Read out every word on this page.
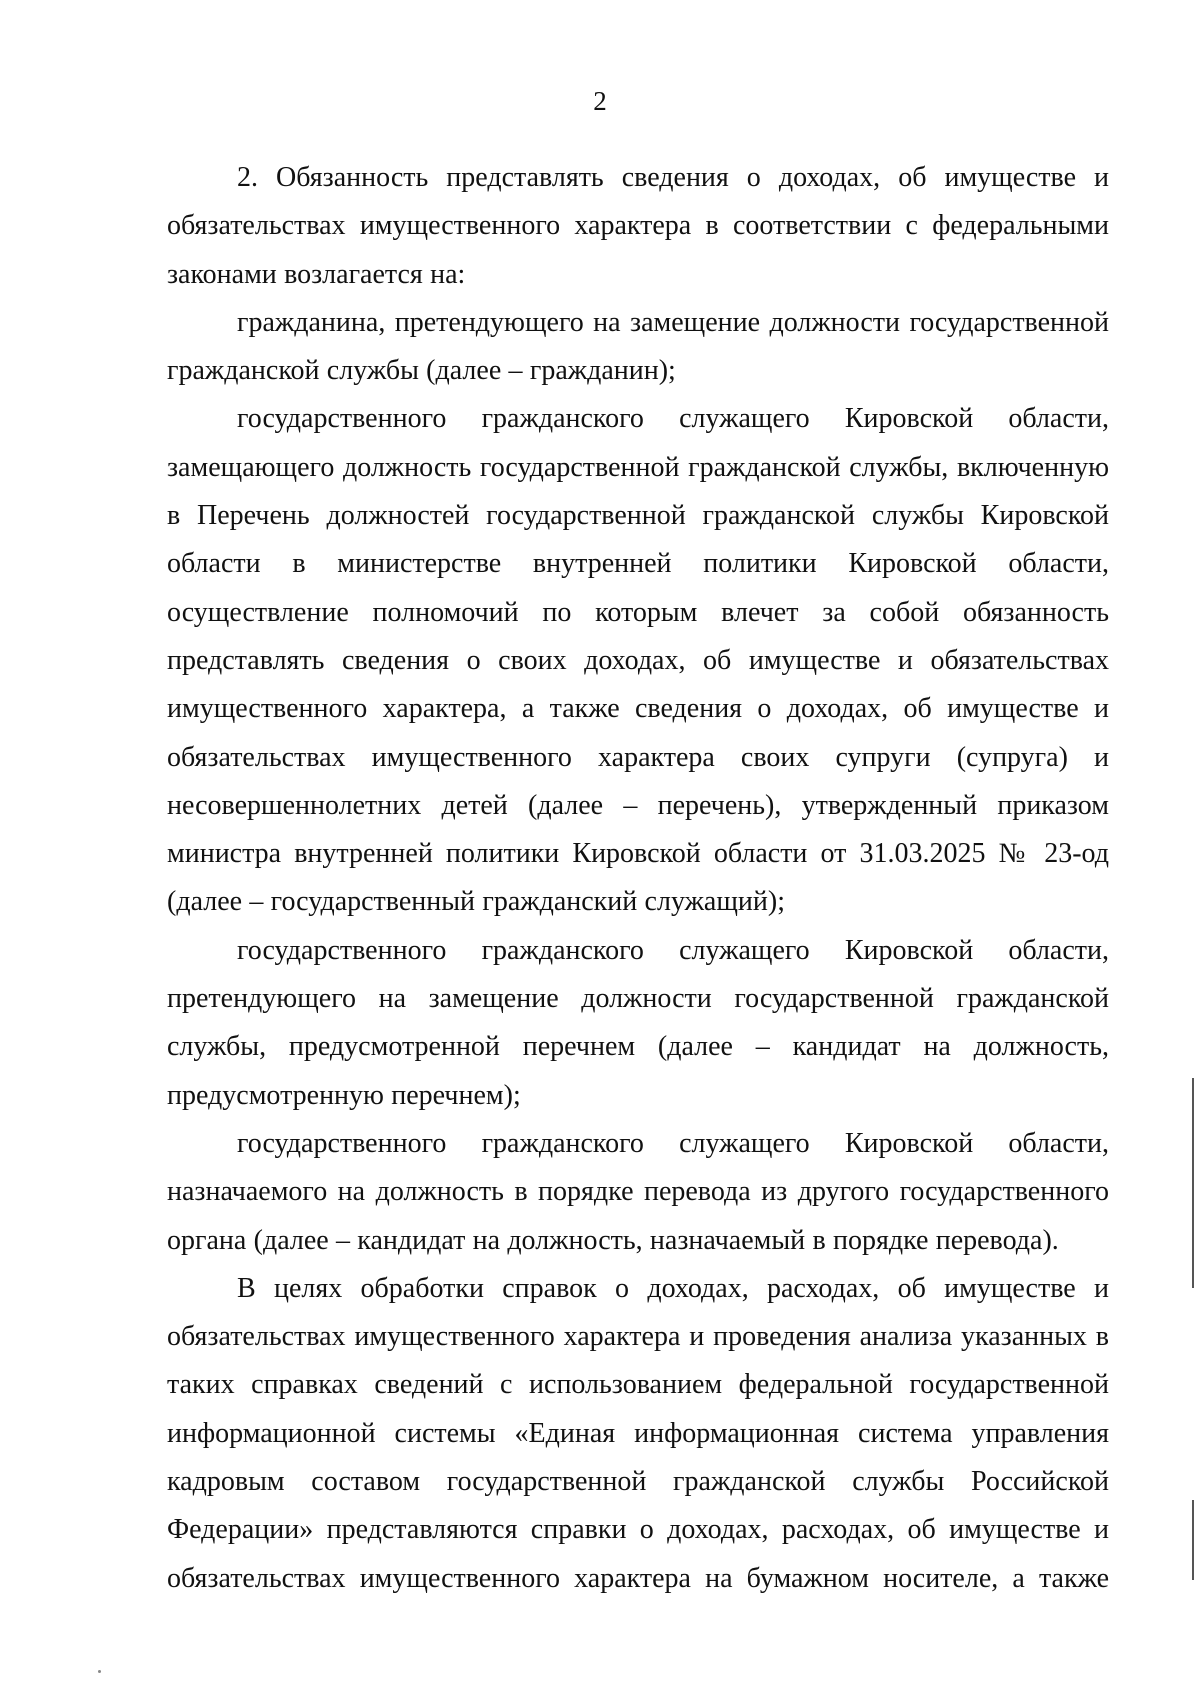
2

2. Обязанность представлять сведения о доходах, об имуществе и обязательствах имущественного характера в соответствии с федеральными законами возлагается на:

гражданина, претендующего на замещение должности государственной гражданской службы (далее – гражданин);

государственного гражданского служащего Кировской области, замещающего должность государственной гражданской службы, включенную в Перечень должностей государственной гражданской службы Кировской области в министерстве внутренней политики Кировской области, осуществление полномочий по которым влечет за собой обязанность представлять сведения о своих доходах, об имуществе и обязательствах имущественного характера, а также сведения о доходах, об имуществе и обязательствах имущественного характера своих супруги (супруга) и несовершеннолетних детей (далее – перечень), утвержденный приказом министра внутренней политики Кировской области от 31.03.2025 № 23-од (далее – государственный гражданский служащий);

государственного гражданского служащего Кировской области, претендующего на замещение должности государственной гражданской службы, предусмотренной перечнем (далее – кандидат на должность, предусмотренную перечнем);

государственного гражданского служащего Кировской области, назначаемого на должность в порядке перевода из другого государственного органа (далее – кандидат на должность, назначаемый в порядке перевода).

В целях обработки справок о доходах, расходах, об имуществе и обязательствах имущественного характера и проведения анализа указанных в таких справках сведений с использованием федеральной государственной информационной системы «Единая информационная система управления кадровым составом государственной гражданской службы Российской Федерации» представляются справки о доходах, расходах, об имуществе и обязательствах имущественного характера на бумажном носителе, а также
